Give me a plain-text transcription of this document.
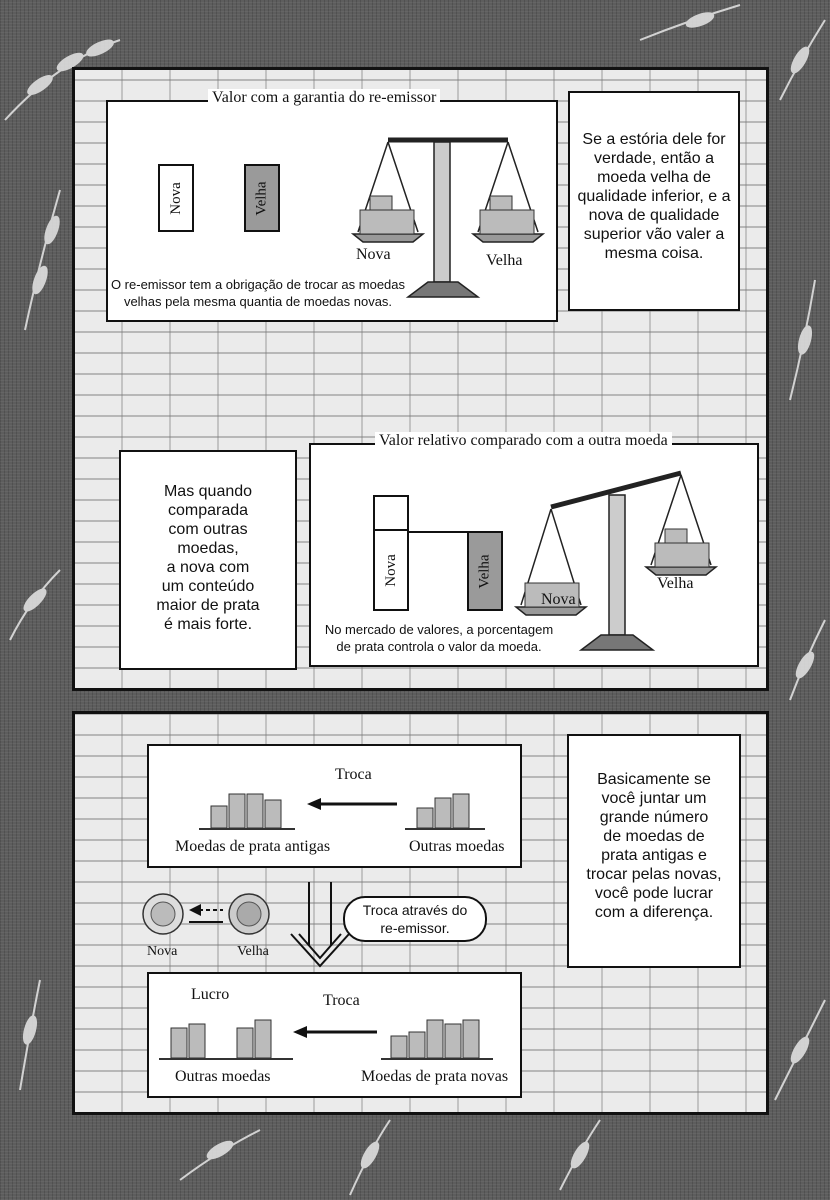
Valor com a garantia do re-emissor
Nova	Velha
Nova	Velha
O re-emissor tem a obrigação de trocar as moedas
velhas pela mesma quantia de moedas novas.
Se a estória dele for
verdade, então a
moeda velha de
qualidade inferior, e a
nova de qualidade
superior vão valer a
mesma coisa.
Mas quando
comparada
com outras
moedas,
a nova com
um conteúdo
maior de prata
é mais forte.
Valor relativo comparado com a outra moeda
Nova	Velha
Nova
Velha
No mercado de valores, a porcentagem
de prata controla o valor da moeda.
Troca
Moedas de prata antigas	Outras moedas
Nova	Velha
Troca através do
re-emissor.
Lucro	Troca
Outras moedas	Moedas de prata novas
Basicamente se
você juntar um
grande número
de moedas de
prata antigas e
trocar pelas novas,
você pode lucrar
com a diferença.
